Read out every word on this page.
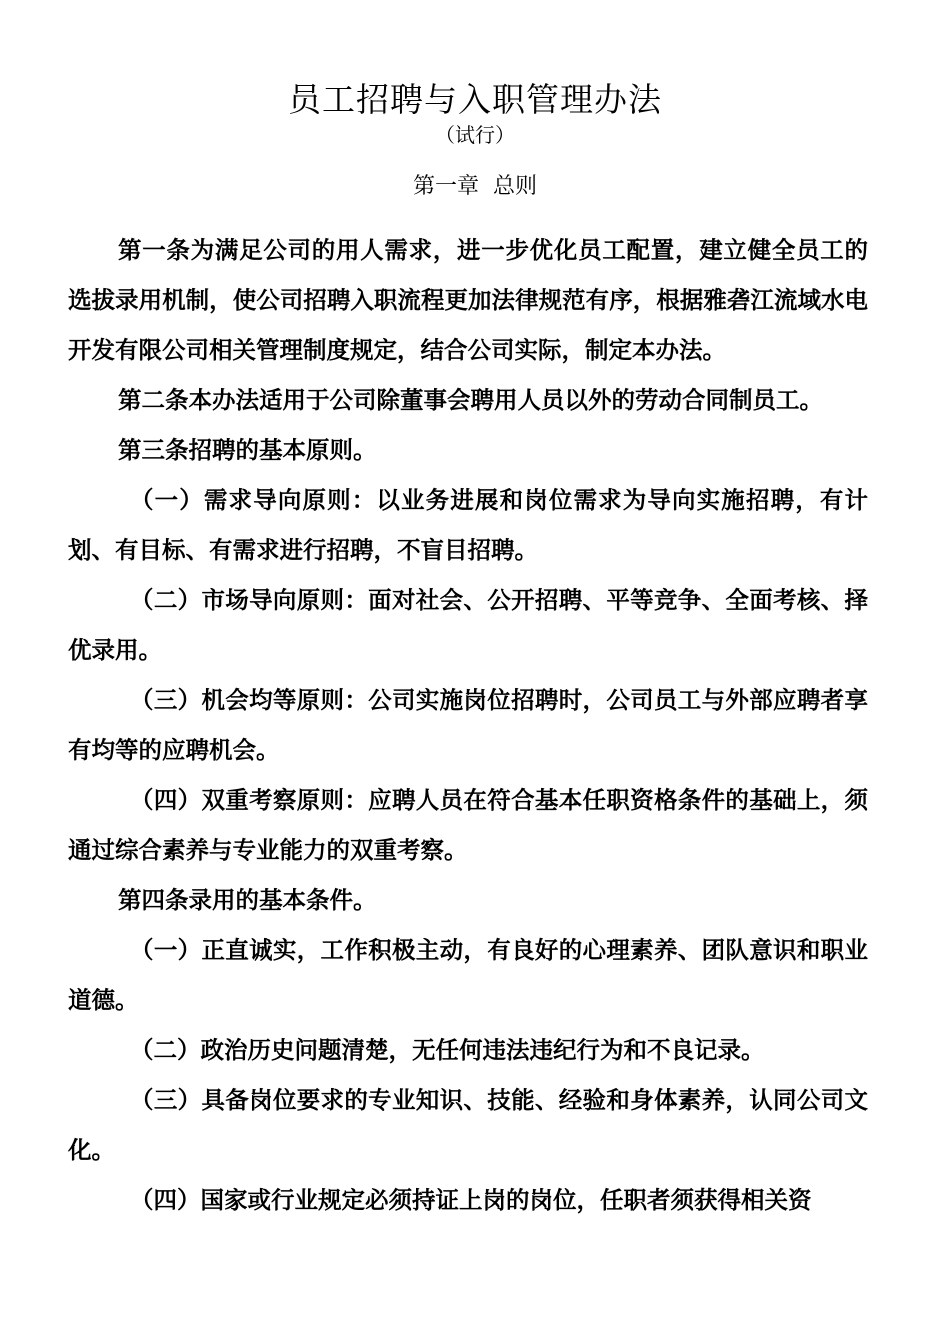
员工招聘与入职管理办法
（试行）
第一章  总则

第一条为满足公司的用人需求，进一步优化员工配置，建立健全员工的选拔录用机制，使公司招聘入职流程更加法律规范有序，根据雅砻江流域水电开发有限公司相关管理制度规定，结合公司实际，制定本办法。

第二条本办法适用于公司除董事会聘用人员以外的劳动合同制员工。

第三条招聘的基本原则。

（一）需求导向原则：以业务进展和岗位需求为导向实施招聘，有计划、有目标、有需求进行招聘，不盲目招聘。

（二）市场导向原则：面对社会、公开招聘、平等竞争、全面考核、择优录用。

（三）机会均等原则：公司实施岗位招聘时，公司员工与外部应聘者享有均等的应聘机会。

（四）双重考察原则：应聘人员在符合基本任职资格条件的基础上，须通过综合素养与专业能力的双重考察。

第四条录用的基本条件。

（一）正直诚实，工作积极主动，有良好的心理素养、团队意识和职业道德。

（二）政治历史问题清楚，无任何违法违纪行为和不良记录。

（三）具备岗位要求的专业知识、技能、经验和身体素养，认同公司文化。

（四）国家或行业规定必须持证上岗的岗位，任职者须获得相关资
